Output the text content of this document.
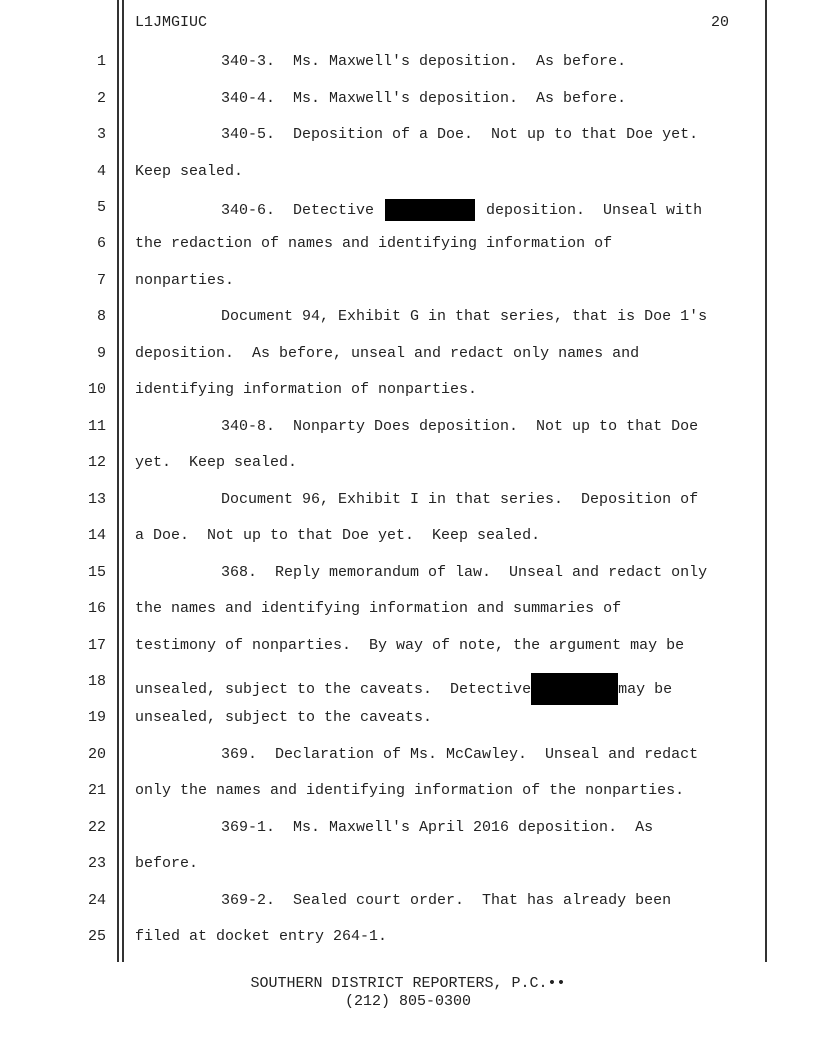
L1JMGIUC	20
1	340-3.  Ms. Maxwell's deposition.  As before.
2	340-4.  Ms. Maxwell's deposition.  As before.
3	340-5.  Deposition of a Doe.  Not up to that Doe yet.
4 Keep sealed.
5	340-6.  Detective	deposition.  Unseal with
6 the redaction of names and identifying information of
7 nonparties.
8	Document 94, Exhibit G in that series, that is Doe 1's
9 deposition.  As before, unseal and redact only names and
10 identifying information of nonparties.
11	340-8.  Nonparty Does deposition.  Not up to that Doe
12 yet.  Keep sealed.
13	Document 96, Exhibit I in that series.  Deposition of
14 a Doe.  Not up to that Doe yet.  Keep sealed.
15	368.  Reply memorandum of law.  Unseal and redact only
16 the names and identifying information and summaries of
17 testimony of nonparties.  By way of note, the argument may be
18 unsealed, subject to the caveats.  Detective	may be
19 unsealed, subject to the caveats.
20	369.  Declaration of Ms. McCawley.  Unseal and redact
21 only the names and identifying information of the nonparties.
22	369-1.  Ms. Maxwell's April 2016 deposition.  As
23 before.
24	369-2.  Sealed court order.  That has already been
25 filed at docket entry 264-1.
SOUTHERN DISTRICT REPORTERS, P.C.••
(212) 805-0300
